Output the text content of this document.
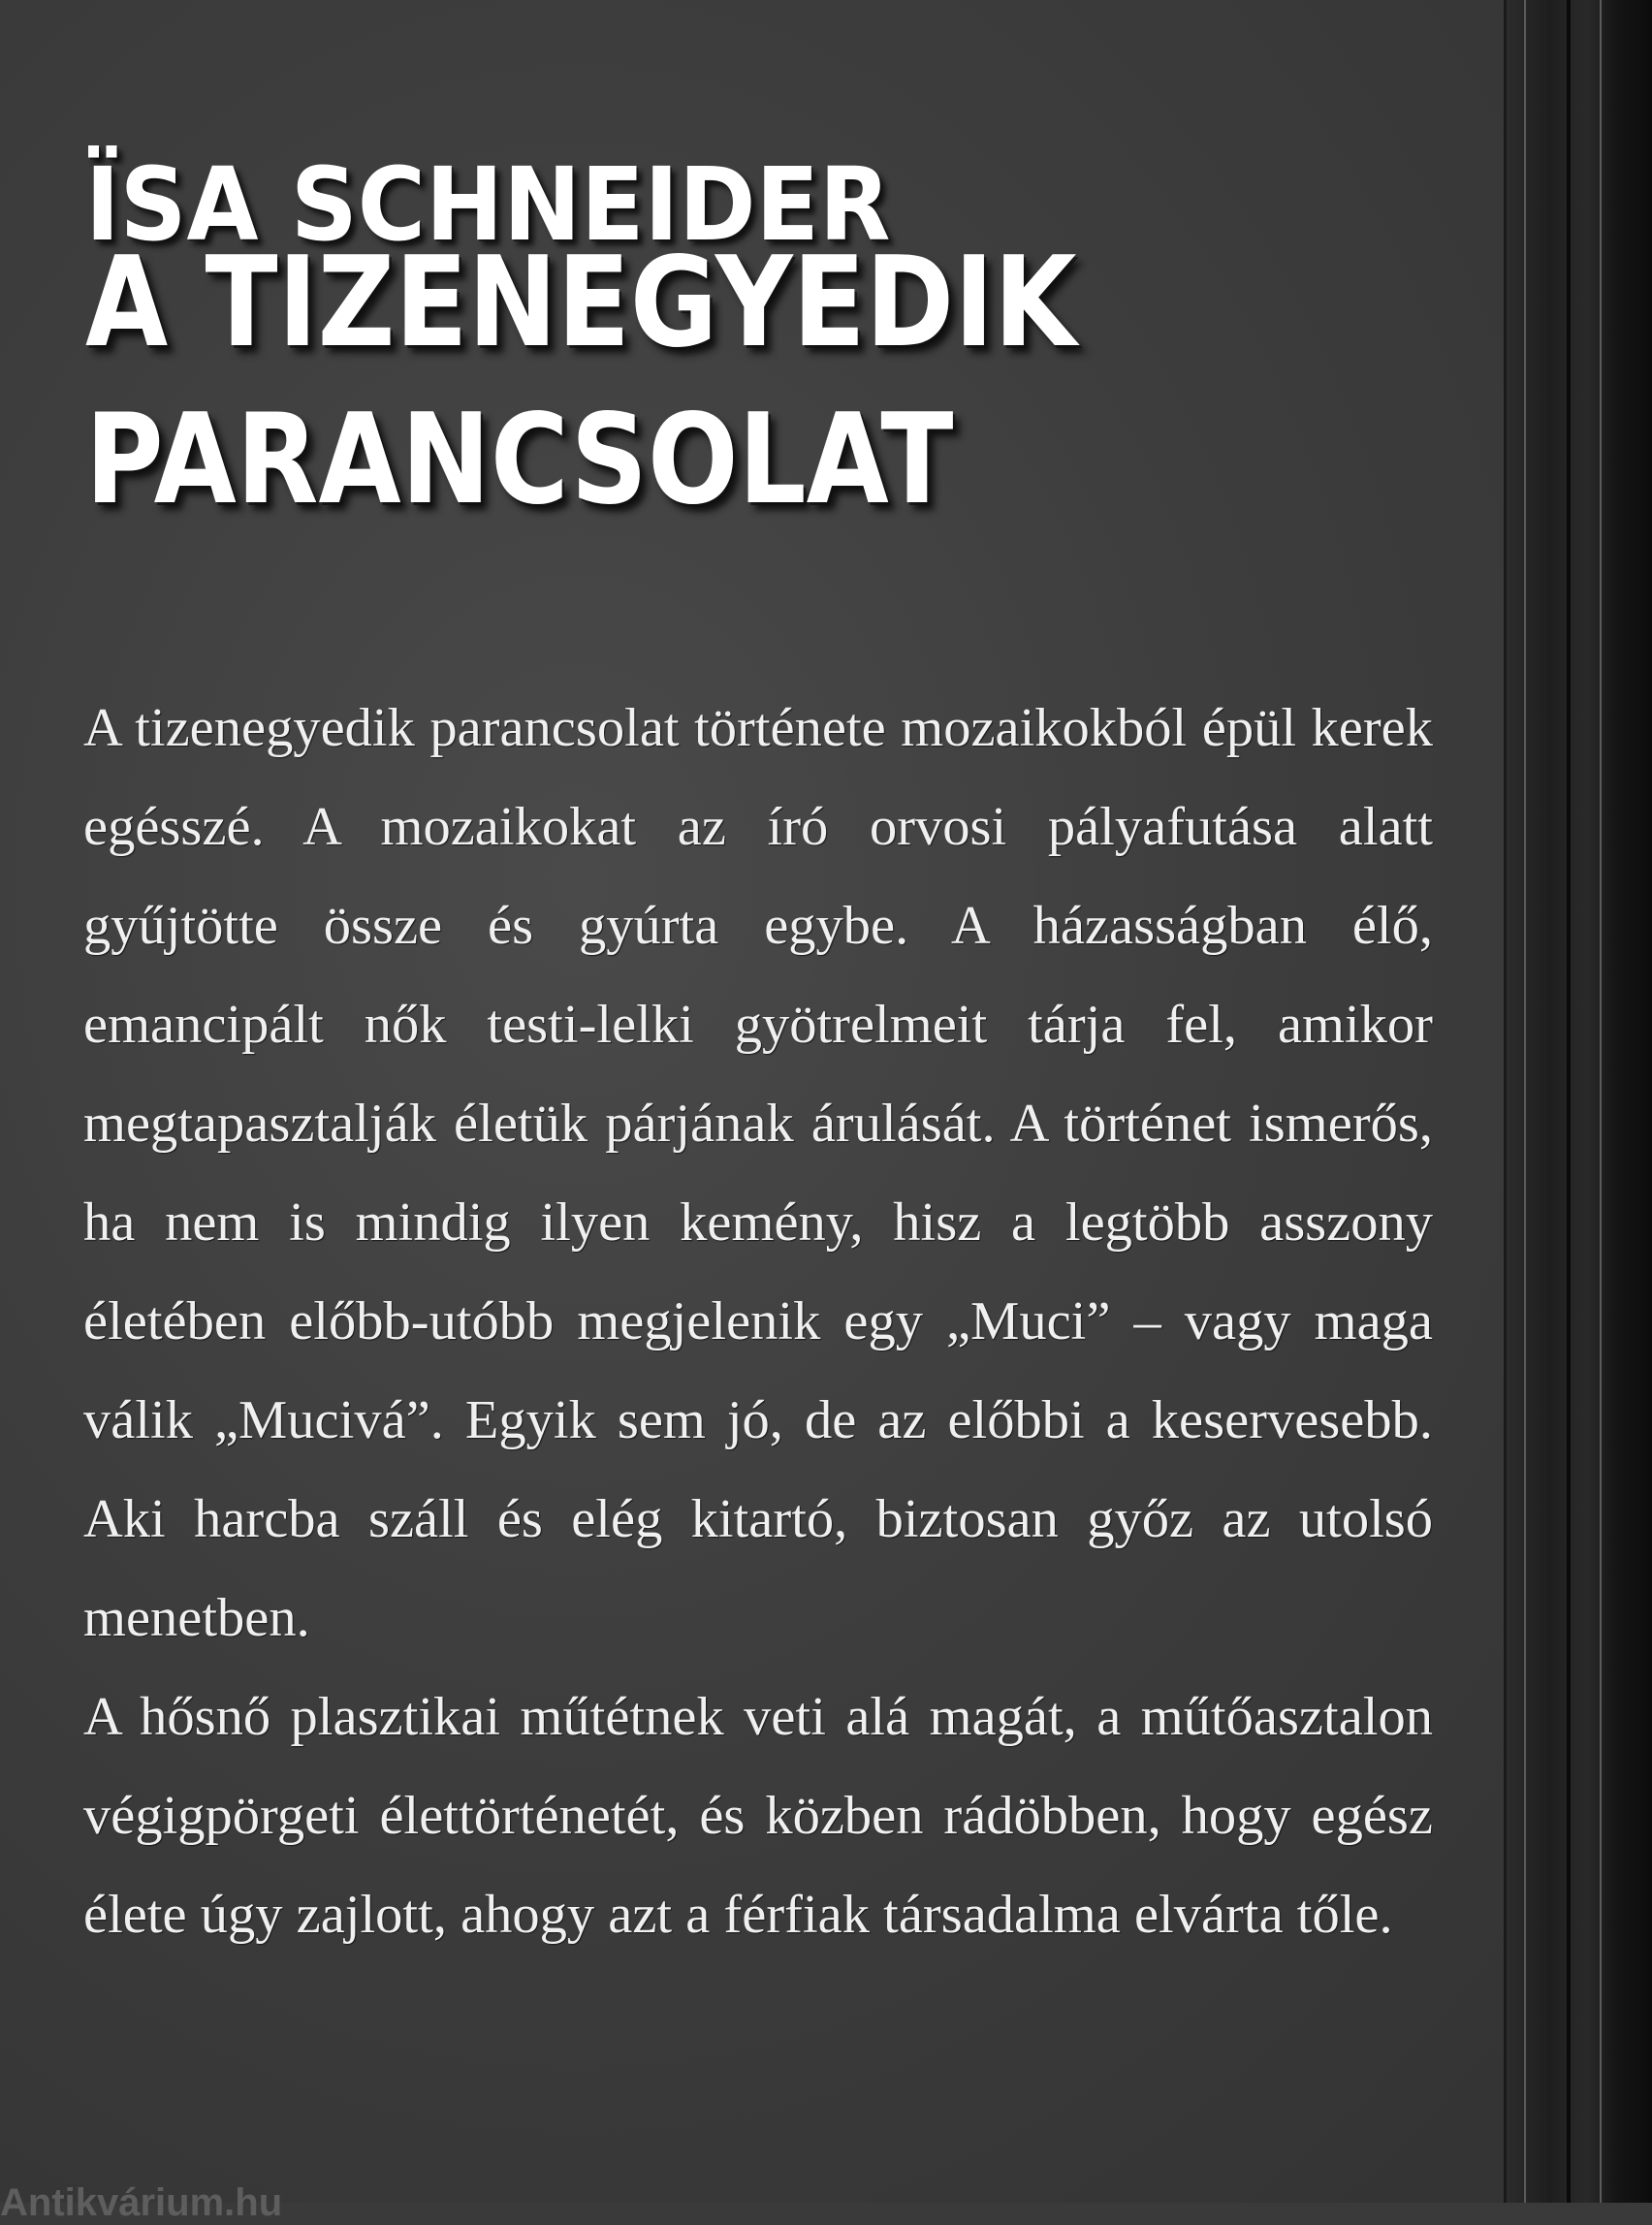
ÏSA SCHNEIDER
A TIZENEGYEDIK
PARANCSOLAT

A tizenegyedik parancsolat története mozaikokból épül kerek egésszé. A mozaikokat az író orvosi pályafutása alatt gyűjtötte össze és gyúrta egybe. A házasságban élő, emancipált nők testi-lelki gyötrelmeit tárja fel, amikor megtapasztalják életük párjának árulását. A történet ismerős, ha nem is mindig ilyen kemény, hisz a legtöbb asszony életében előbb-utóbb megjelenik egy „Muci” – vagy maga válik „Mucivá”. Egyik sem jó, de az előbbi a keservesebb. Aki harcba száll és elég kitartó, biztosan győz az utolsó menetben.

A hősnő plasztikai műtétnek veti alá magát, a műtőasztalon végigpörgeti élettörténetét, és közben rádöbben, hogy egész élete úgy zajlott, ahogy azt a férfiak társadalma elvárta tőle.

Antikvárium.hu
